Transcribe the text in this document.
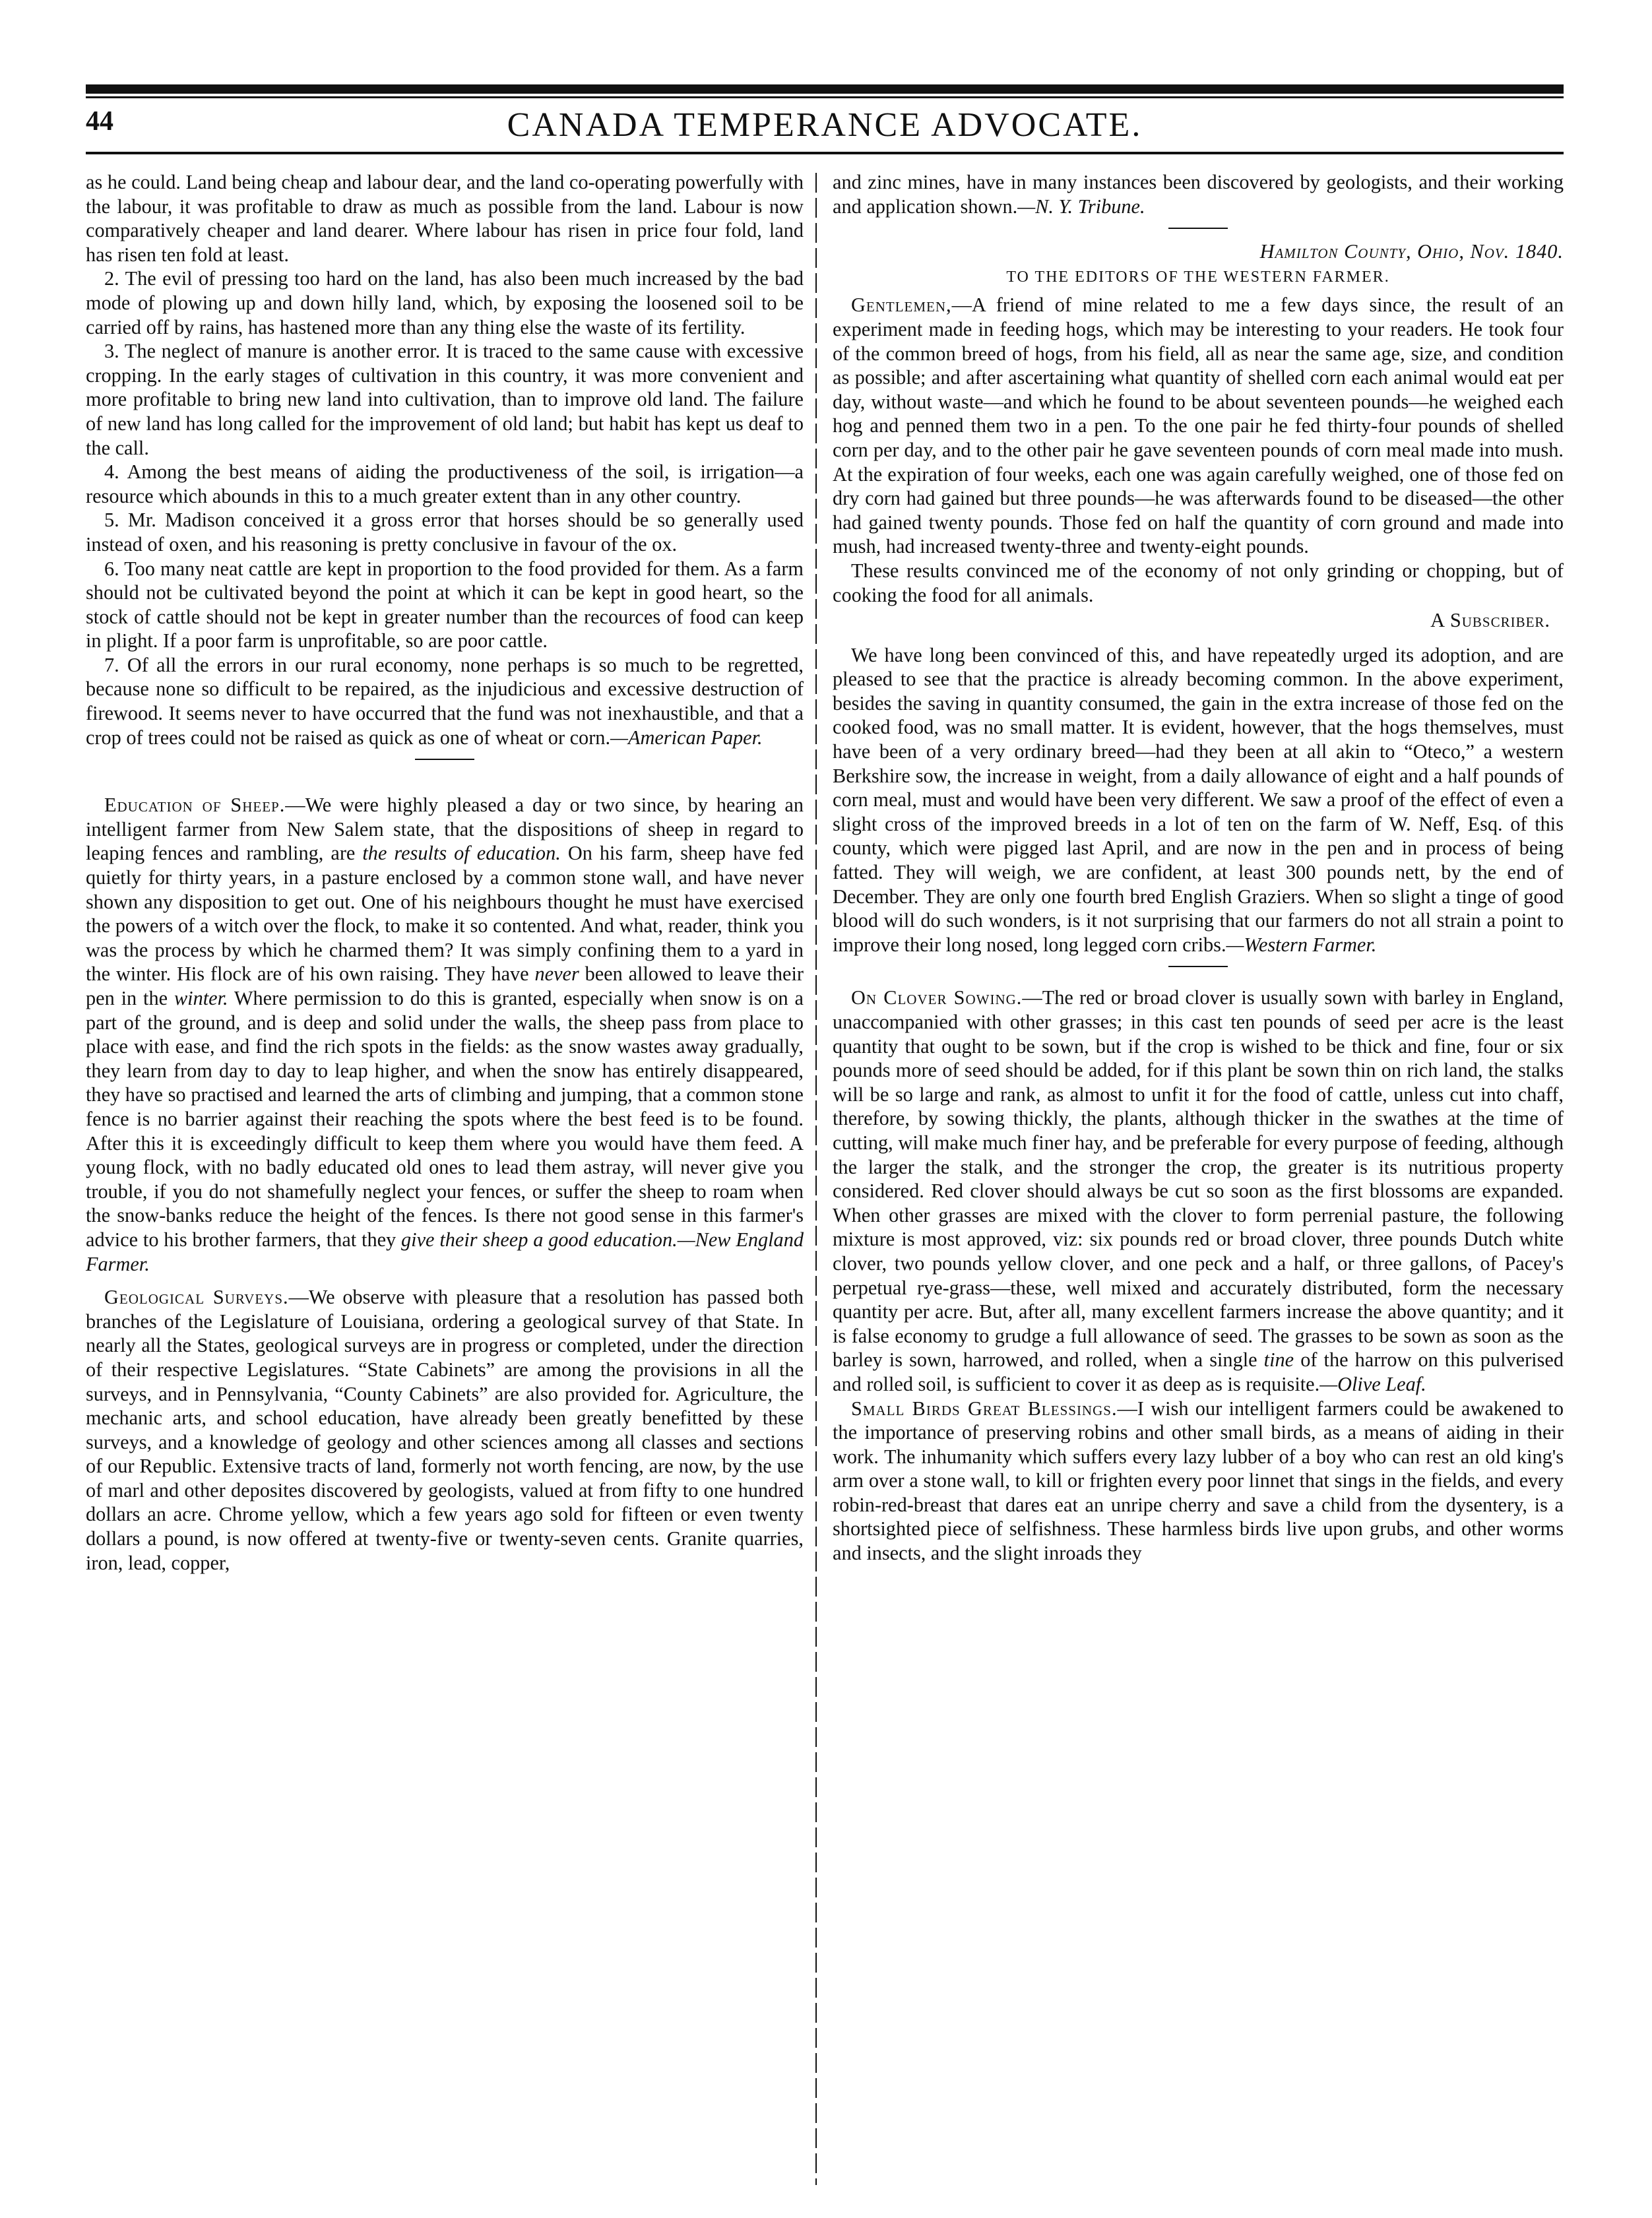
44	CANADA TEMPERANCE ADVOCATE.

as he could. Land being cheap and labour dear, and the land co-operating powerfully with the labour, it was profitable to draw as much as possible from the land. Labour is now comparatively cheaper and land dearer. Where labour has risen in price four fold, land has risen ten fold at least.

2. The evil of pressing too hard on the land, has also been much increased by the bad mode of plowing up and down hilly land, which, by exposing the loosened soil to be carried off by rains, has hastened more than any thing else the waste of its fertility.

3. The neglect of manure is another error. It is traced to the same cause with excessive cropping. In the early stages of cultivation in this country, it was more convenient and more profitable to bring new land into cultivation, than to improve old land. The failure of new land has long called for the improvement of old land; but habit has kept us deaf to the call.

4. Among the best means of aiding the productiveness of the soil, is irrigation—a resource which abounds in this to a much greater extent than in any other country.

5. Mr. Madison conceived it a gross error that horses should be so generally used instead of oxen, and his reasoning is pretty conclusive in favour of the ox.

6. Too many neat cattle are kept in proportion to the food provided for them. As a farm should not be cultivated beyond the point at which it can be kept in good heart, so the stock of cattle should not be kept in greater number than the recources of food can keep in plight. If a poor farm is unprofitable, so are poor cattle.

7. Of all the errors in our rural economy, none perhaps is so much to be regretted, because none so difficult to be repaired, as the injudicious and excessive destruction of firewood. It seems never to have occurred that the fund was not inexhaustible, and that a crop of trees could not be raised as quick as one of wheat or corn.—American Paper.

Education of Sheep.—We were highly pleased a day or two since, by hearing an intelligent farmer from New Salem state, that the dispositions of sheep in regard to leaping fences and rambling, are the results of education. On his farm, sheep have fed quietly for thirty years, in a pasture enclosed by a common stone wall, and have never shown any disposition to get out. One of his neighbours thought he must have exercised the powers of a witch over the flock, to make it so contented. And what, reader, think you was the process by which he charmed them? It was simply confining them to a yard in the winter. His flock are of his own raising. They have never been allowed to leave their pen in the winter. Where permission to do this is granted, especially when snow is on a part of the ground, and is deep and solid under the walls, the sheep pass from place to place with ease, and find the rich spots in the fields: as the snow wastes away gradually, they learn from day to day to leap higher, and when the snow has entirely disappeared, they have so practised and learned the arts of climbing and jumping, that a common stone fence is no barrier against their reaching the spots where the best feed is to be found. After this it is exceedingly difficult to keep them where you would have them feed. A young flock, with no badly educated old ones to lead them astray, will never give you trouble, if you do not shamefully neglect your fences, or suffer the sheep to roam when the snow-banks reduce the height of the fences. Is there not good sense in this farmer's advice to his brother farmers, that they give their sheep a good education.—New England Farmer.

Geological Surveys.—We observe with pleasure that a resolution has passed both branches of the Legislature of Louisiana, ordering a geological survey of that State. In nearly all the States, geological surveys are in progress or completed, under the direction of their respective Legislatures. “State Cabinets” are among the provisions in all the surveys, and in Pennsylvania, “County Cabinets” are also provided for. Agriculture, the mechanic arts, and school education, have already been greatly benefitted by these surveys, and a knowledge of geology and other sciences among all classes and sections of our Republic. Extensive tracts of land, formerly not worth fencing, are now, by the use of marl and other deposites discovered by geologists, valued at from fifty to one hundred dollars an acre. Chrome yellow, which a few years ago sold for fifteen or even twenty dollars a pound, is now offered at twenty-five or twenty-seven cents. Granite quarries, iron, lead, copper,

and zinc mines, have in many instances been discovered by geologists, and their working and application shown.—N. Y. Tribune.

Hamilton County, Ohio, Nov. 1840.
TO THE EDITORS OF THE WESTERN FARMER.

Gentlemen,—A friend of mine related to me a few days since, the result of an experiment made in feeding hogs, which may be interesting to your readers. He took four of the common breed of hogs, from his field, all as near the same age, size, and condition as possible; and after ascertaining what quantity of shelled corn each animal would eat per day, without waste—and which he found to be about seventeen pounds—he weighed each hog and penned them two in a pen. To the one pair he fed thirty-four pounds of shelled corn per day, and to the other pair he gave seventeen pounds of corn meal made into mush. At the expiration of four weeks, each one was again carefully weighed, one of those fed on dry corn had gained but three pounds—he was afterwards found to be diseased—the other had gained twenty pounds. Those fed on half the quantity of corn ground and made into mush, had increased twenty-three and twenty-eight pounds.

These results convinced me of the economy of not only grinding or chopping, but of cooking the food for all animals.

A Subscriber.

We have long been convinced of this, and have repeatedly urged its adoption, and are pleased to see that the practice is already becoming common. In the above experiment, besides the saving in quantity consumed, the gain in the extra increase of those fed on the cooked food, was no small matter. It is evident, however, that the hogs themselves, must have been of a very ordinary breed—had they been at all akin to “Oteco,” a western Berkshire sow, the increase in weight, from a daily allowance of eight and a half pounds of corn meal, must and would have been very different. We saw a proof of the effect of even a slight cross of the improved breeds in a lot of ten on the farm of W. Neff, Esq. of this county, which were pigged last April, and are now in the pen and in process of being fatted. They will weigh, we are confident, at least 300 pounds nett, by the end of December. They are only one fourth bred English Graziers. When so slight a tinge of good blood will do such wonders, is it not surprising that our farmers do not all strain a point to improve their long nosed, long legged corn cribs.—Western Farmer.

On Clover Sowing.—The red or broad clover is usually sown with barley in England, unaccompanied with other grasses; in this cast ten pounds of seed per acre is the least quantity that ought to be sown, but if the crop is wished to be thick and fine, four or six pounds more of seed should be added, for if this plant be sown thin on rich land, the stalks will be so large and rank, as almost to unfit it for the food of cattle, unless cut into chaff, therefore, by sowing thickly, the plants, although thicker in the swathes at the time of cutting, will make much finer hay, and be preferable for every purpose of feeding, although the larger the stalk, and the stronger the crop, the greater is its nutritious property considered. Red clover should always be cut so soon as the first blossoms are expanded. When other grasses are mixed with the clover to form perrenial pasture, the following mixture is most approved, viz: six pounds red or broad clover, three pounds Dutch white clover, two pounds yellow clover, and one peck and a half, or three gallons, of Pacey's perpetual rye-grass—these, well mixed and accurately distributed, form the necessary quantity per acre. But, after all, many excellent farmers increase the above quantity; and it is false economy to grudge a full allowance of seed. The grasses to be sown as soon as the barley is sown, harrowed, and rolled, when a single tine of the harrow on this pulverised and rolled soil, is sufficient to cover it as deep as is requisite.—Olive Leaf.

Small Birds Great Blessings.—I wish our intelligent farmers could be awakened to the importance of preserving robins and other small birds, as a means of aiding in their work. The inhumanity which suffers every lazy lubber of a boy who can rest an old king's arm over a stone wall, to kill or frighten every poor linnet that sings in the fields, and every robin-red-breast that dares eat an unripe cherry and save a child from the dysentery, is a shortsighted piece of selfishness. These harmless birds live upon grubs, and other worms and insects, and the slight inroads they
